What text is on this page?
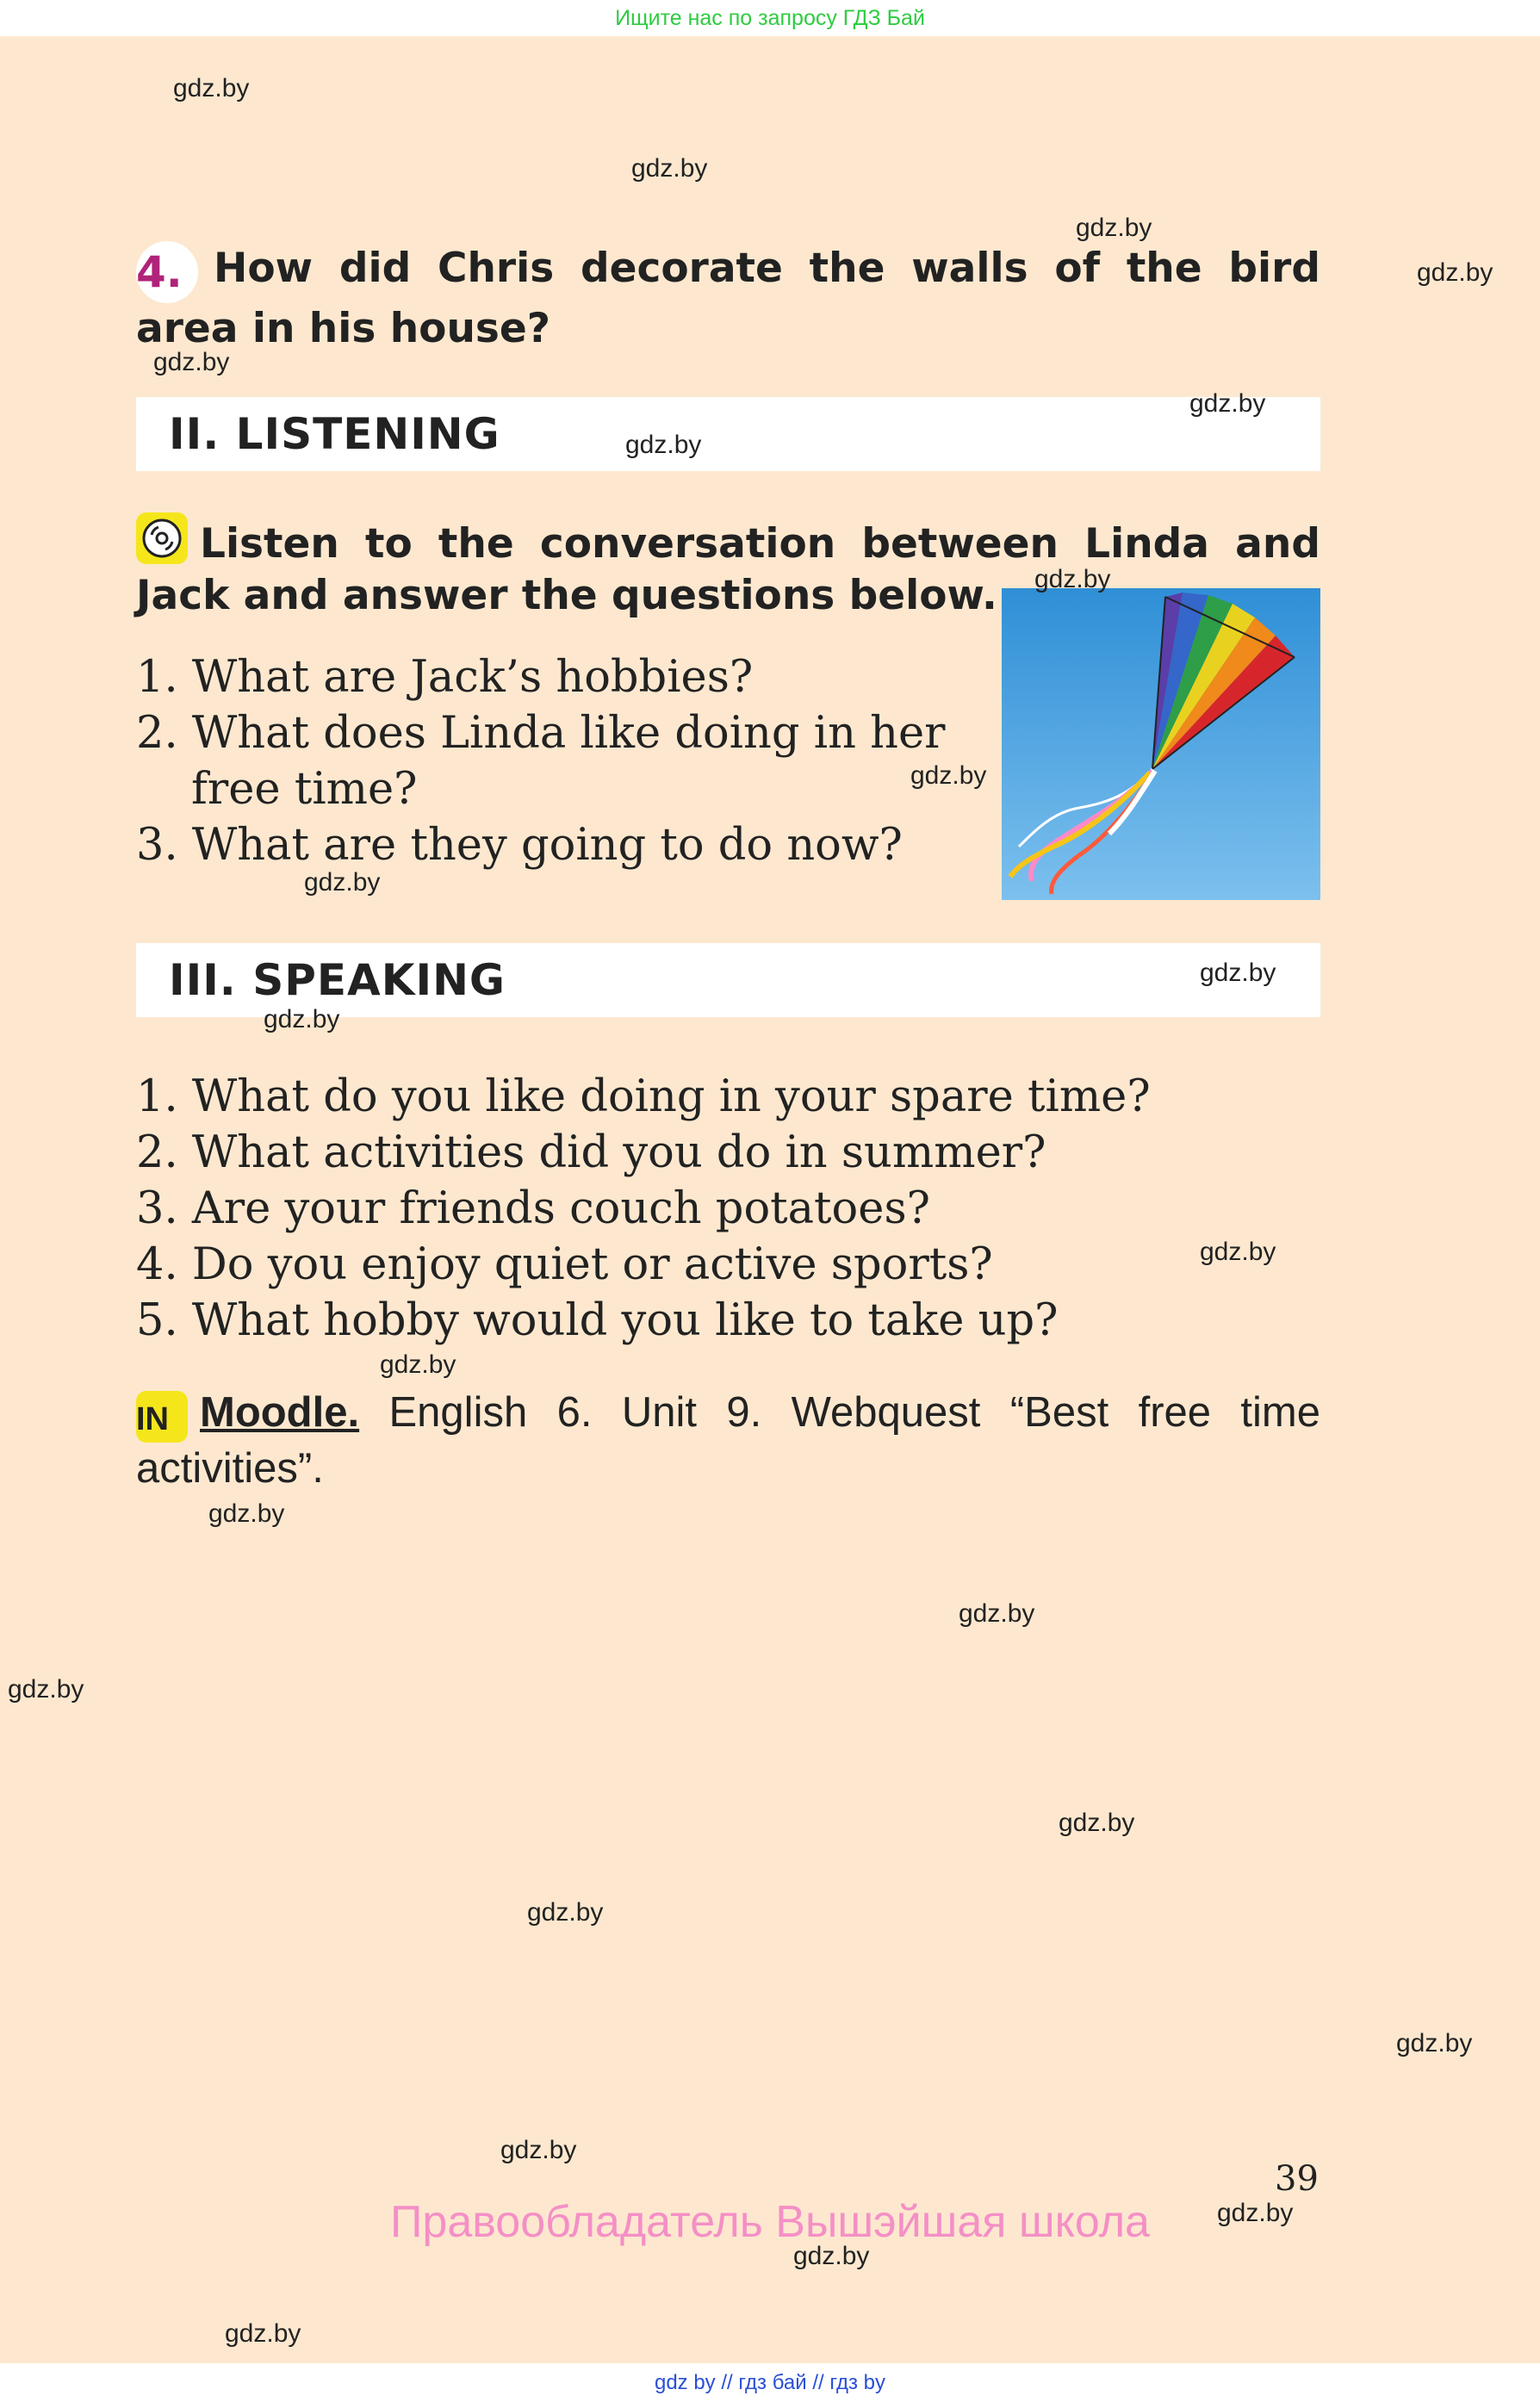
Ищите нас по запросу ГДЗ Бай
4. How did Chris decorate the walls of the bird area in his house?
II. LISTENING
Listen to the conversation between Linda and Jack and answer the questions below.
1. What are Jack’s hobbies?
2. What does Linda like doing in her free time?
3. What are they going to do now?
III. SPEAKING
1. What do you like doing in your spare time?
2. What activities did you do in summer?
3. Are your friends couch potatoes?
4. Do you enjoy quiet or active sports?
5. What hobby would you like to take up?
IN Moodle. English 6. Unit 9. Webquest “Best free time activities”.
39
Правообладатель Вышэйшая школа
gdz.by
gdz.by
gdz.by
gdz.by
gdz.by
gdz.by
gdz.by
gdz.by
gdz.by
gdz.by
gdz.by
gdz.by
gdz.by
gdz.by
gdz.by
gdz.by
gdz.by
gdz.by
gdz.by
gdz.by
gdz.by
gdz.by
gdz.by
gdz.by
gdz by // гдз бай // гдз by
